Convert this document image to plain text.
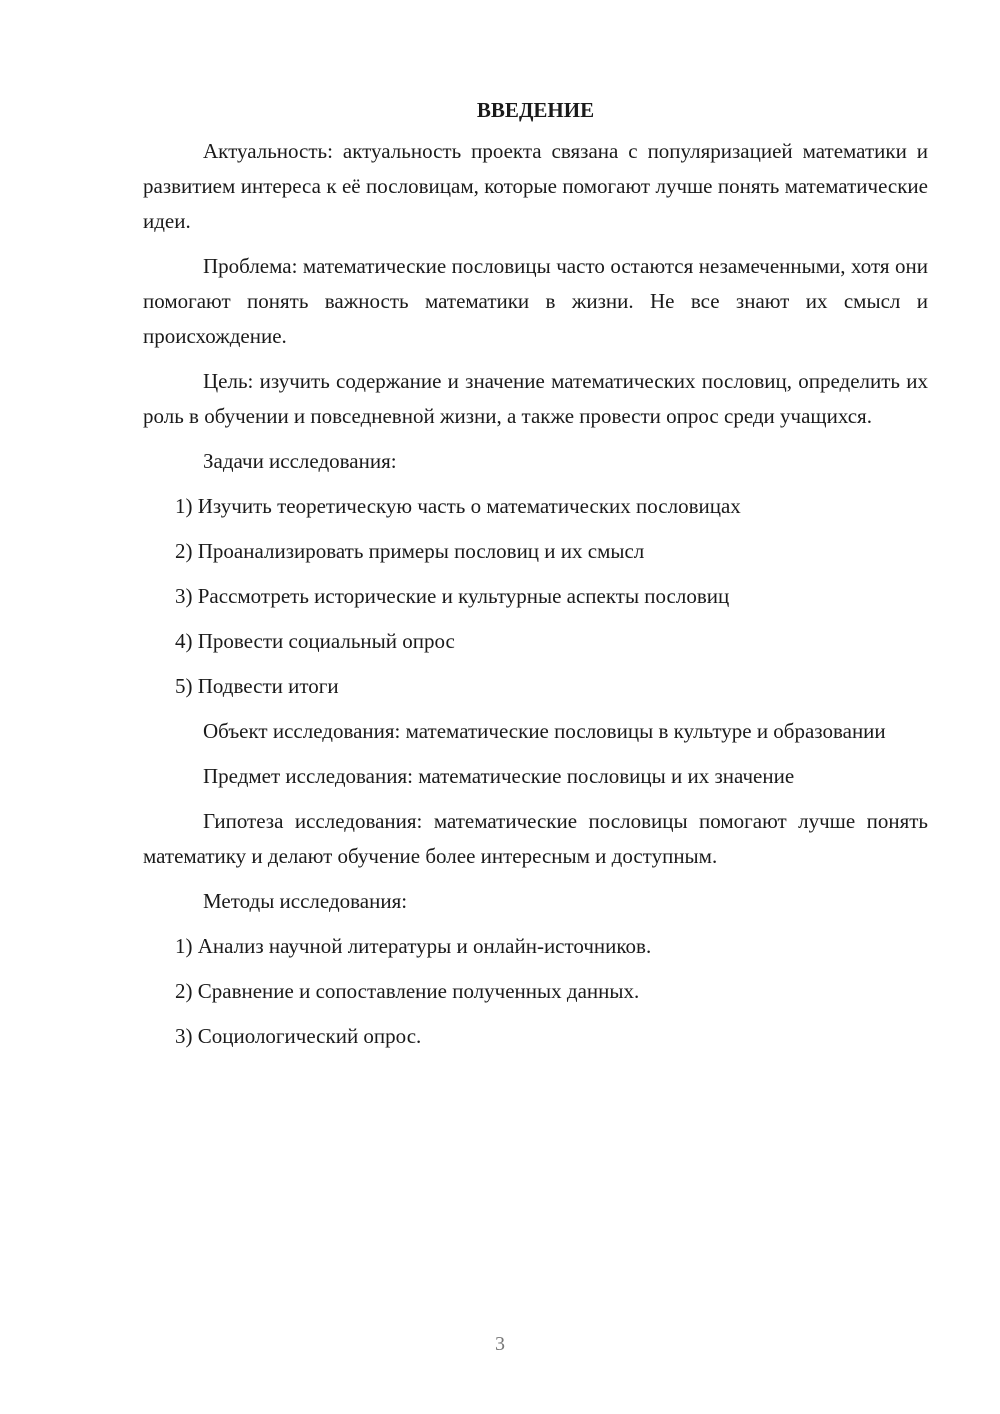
ВВЕДЕНИЕ

Актуальность: актуальность проекта связана с популяризацией математики и развитием интереса к её пословицам, которые помогают лучше понять математические идеи.

Проблема: математические пословицы часто остаются незамеченными, хотя они помогают понять важность математики в жизни. Не все знают их смысл и происхождение.

Цель: изучить содержание и значение математических пословиц, определить их роль в обучении и повседневной жизни, а также провести опрос среди учащихся.

Задачи исследования:

1) Изучить теоретическую часть о математических пословицах

2) Проанализировать примеры пословиц и их смысл

3) Рассмотреть исторические и культурные аспекты пословиц

4) Провести социальный опрос

5) Подвести итоги

Объект исследования: математические пословицы в культуре и образовании

Предмет исследования: математические пословицы и их значение

Гипотеза исследования: математические пословицы помогают лучше понять математику и делают обучение более интересным и доступным.

Методы исследования:

1) Анализ научной литературы и онлайн-источников.

2) Сравнение и сопоставление полученных данных.

3) Социологический опрос.

3
